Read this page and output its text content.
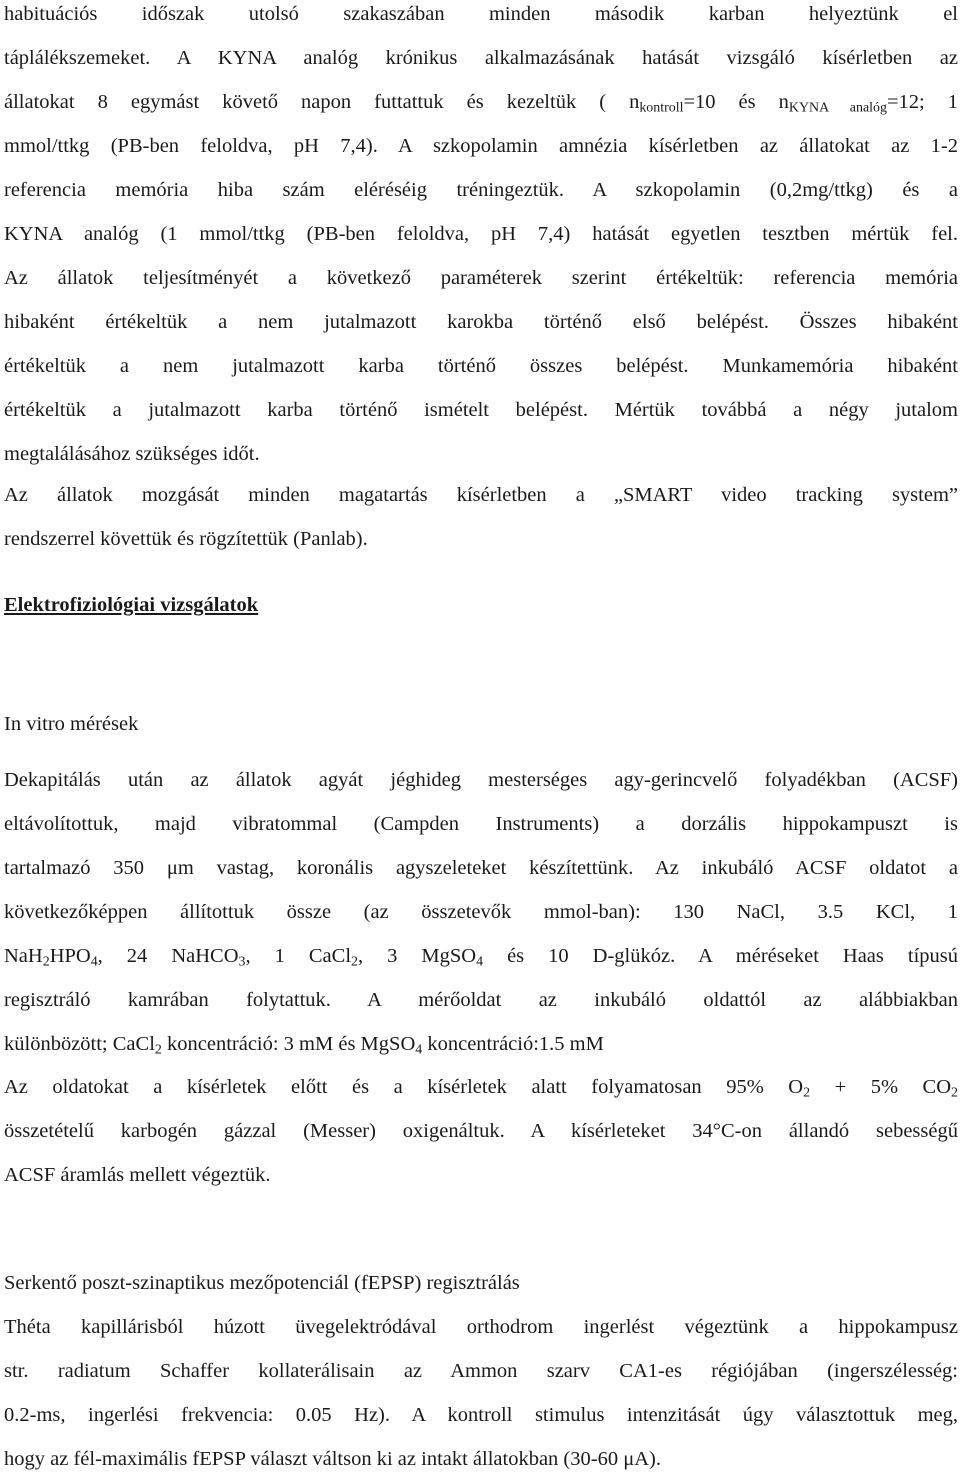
habituációs időszak utolsó szakaszában minden második karban helyeztünk el
táplálékszemeket. A KYNA analóg krónikus alkalmazásának hatását vizsgáló kísérletben az
állatokat 8 egymást követő napon futtattuk és kezeltük ( $n_{kontroll}=10$ és $n_{KYNA analóg}=12$; 1
mmol/ttkg (PB-ben feloldva, pH 7,4). A szkopolamin amnézia kísérletben az állatokat az 1-2
referencia memória hiba szám eléréséig tréningeztük. A szkopolamin (0,2mg/ttkg) és a
KYNA analóg (1 mmol/ttkg (PB-ben feloldva, pH 7,4) hatását egyetlen tesztben mértük fel.
Az állatok teljesítményét a következő paraméterek szerint értékeltük: referencia memória
hibaként értékeltük a nem jutalmazott karokba történő első belépést. Összes hibaként
értékeltük a nem jutalmazott karba történő összes belépést. Munkamemória hibaként
értékeltük a jutalmazott karba történő ismételt belépést. Mértük továbbá a négy jutalom
megtalálásához szükséges időt.
Az állatok mozgását minden magatartás kísérletben a „SMART video tracking system”
rendszerrel követtük és rögzítettük (Panlab).
Elektrofiziológiai vizsgálatok
In vitro mérések
Dekapitálás után az állatok agyát jéghideg mesterséges agy-gerincvelő folyadékban (ACSF)
eltávolítottuk, majd vibratommal (Campden Instruments) a dorzális hippokampuszt is
tartalmazó 350 μm vastag, koronális agyszeleteket készítettünk. Az inkubáló ACSF oldatot a
következőképpen állítottuk össze (az összetevők mmol-ban): 130 NaCl, 3.5 KCl, 1
$NaH_2HPO_4$, 24 NaHCO$_3$, 1 CaCl$_2$, 3 MgSO$_4$ és 10 D-glükóz. A méréseket Haas típusú
regisztráló kamrában folytattuk. A mérőoldat az inkubáló oldattól az alábbiakban
különbözött; CaCl$_2$ koncentráció: 3 mM és MgSO$_4$ koncentráció:1.5 mM
Az oldatokat a kísérletek előtt és a kísérletek alatt folyamatosan 95% $O_2 + 5\%$ $CO_2$
összetételű karbogén gázzal (Messer) oxigenáltuk. A kísérleteket 34°C-on állandó sebességű
ACSF áramlás mellett végeztük.
Serkentő poszt-szinaptikus mezőpotenciál (fEPSP) regisztrálás
Théta kapillárisból húzott üvegelektródával orthodrom ingerlést végeztünk a hippokampusz
str. radiatum Schaffer kollaterálisain az Ammon szarv CA1-es régiójában (ingerszélesség:
0.2-ms, ingerlési frekvencia: 0.05 Hz). A kontroll stimulus intenzitását úgy választottuk meg,
hogy az fél-maximális fEPSP választ váltson ki az intakt állatokban (30-60 μA).
